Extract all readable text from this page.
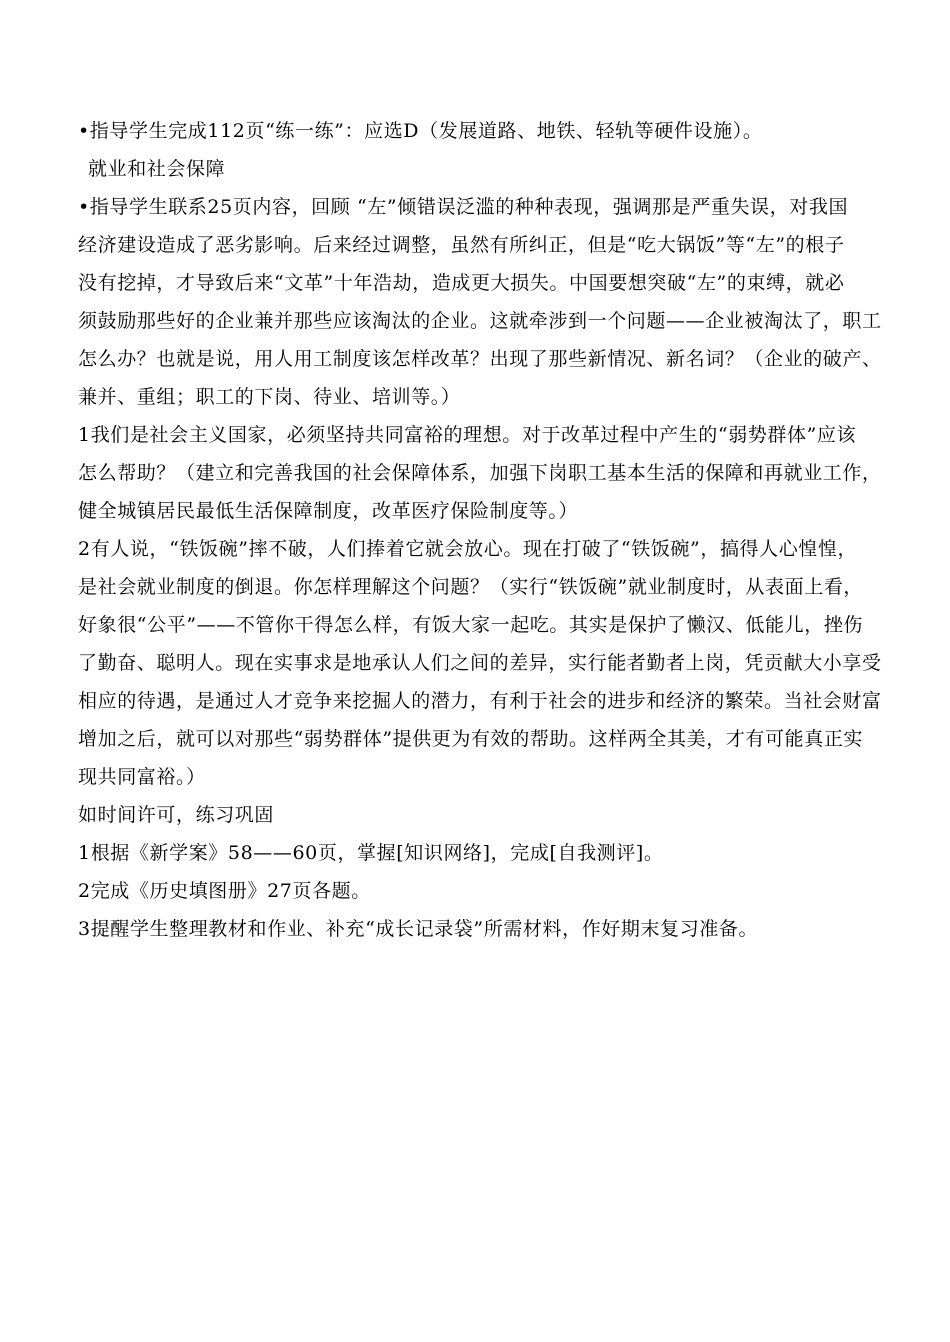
•指导学生完成112页“练一练”：应选D（发展道路、地铁、轻轨等硬件设施）。
就业和社会保障
•指导学生联系25页内容，回顾 “左”倾错误泛滥的种种表现，强调那是严重失误，对我国
经济建设造成了恶劣影响。后来经过调整，虽然有所纠正，但是“吃大锅饭”等“左”的根子
没有挖掉，才导致后来“文革”十年浩劫，造成更大损失。中国要想突破“左”的束缚，就必
须鼓励那些好的企业兼并那些应该淘汰的企业。这就牵涉到一个问题——企业被淘汰了，职工
怎么办？也就是说，用人用工制度该怎样改革？出现了那些新情况、新名词？（企业的破产、
兼并、重组；职工的下岗、待业、培训等。）
1我们是社会主义国家，必须坚持共同富裕的理想。对于改革过程中产生的“弱势群体”应该
怎么帮助？（建立和完善我国的社会保障体系，加强下岗职工基本生活的保障和再就业工作，
健全城镇居民最低生活保障制度，改革医疗保险制度等。）
2有人说，“铁饭碗”摔不破，人们捧着它就会放心。现在打破了“铁饭碗”，搞得人心惶惶，
是社会就业制度的倒退。你怎样理解这个问题？（实行“铁饭碗”就业制度时，从表面上看，
好象很“公平”——不管你干得怎么样，有饭大家一起吃。其实是保护了懒汉、低能儿，挫伤
了勤奋、聪明人。现在实事求是地承认人们之间的差异，实行能者勤者上岗，凭贡献大小享受
相应的待遇，是通过人才竞争来挖掘人的潜力，有利于社会的进步和经济的繁荣。当社会财富
增加之后，就可以对那些“弱势群体”提供更为有效的帮助。这样两全其美，才有可能真正实
现共同富裕。）
如时间许可，练习巩固
1根据《新学案》58——60页，掌握[知识网络]，完成[自我测评]。
2完成《历史填图册》27页各题。
3提醒学生整理教材和作业、补充“成长记录袋”所需材料，作好期末复习准备。
